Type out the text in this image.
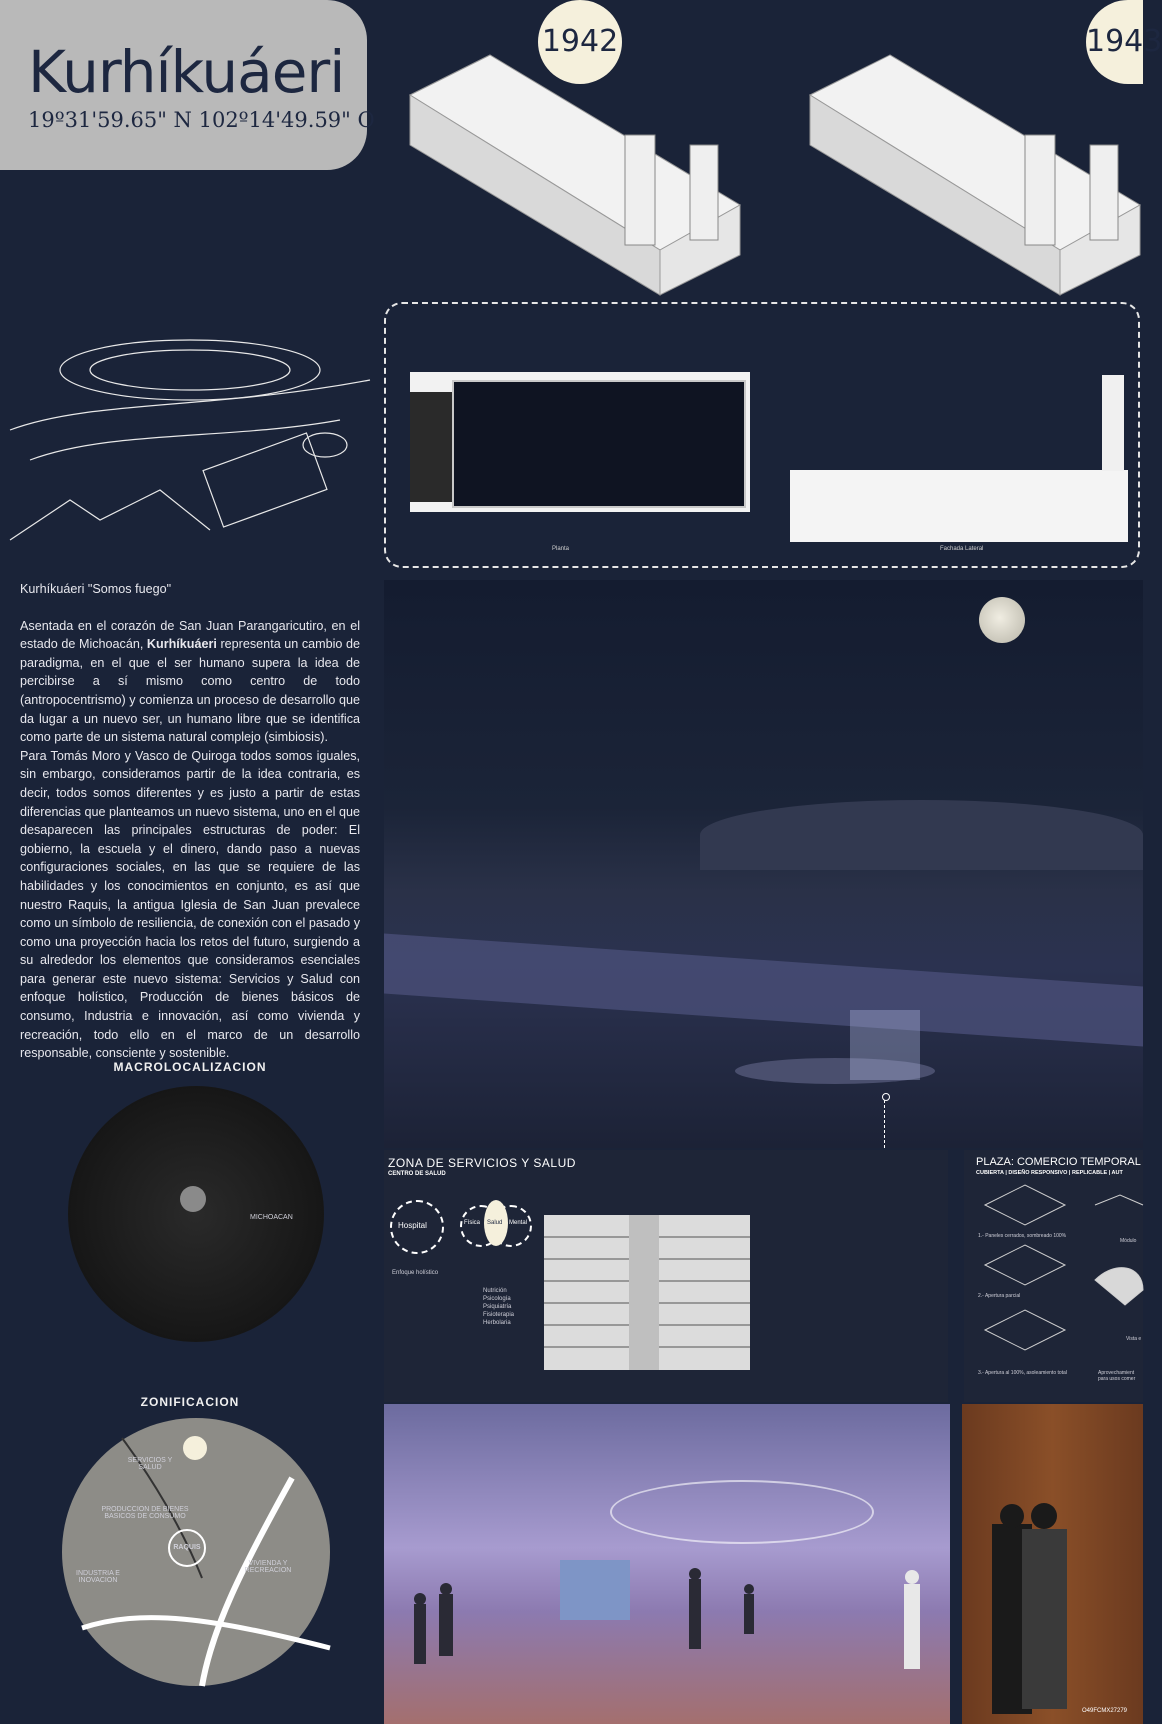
Kurhíkuáeri
19º31'59.65" N 102º14'49.59" O
1942	1943
Planta	Fachada Lateral

Kurhíkuáeri "Somos fuego"

Asentada en el corazón de San Juan Parangaricutiro, en el estado de Michoacán, Kurhíkuáeri representa un cambio de paradigma, en el que el ser humano supera la idea de percibirse a sí mismo como centro de todo (antropocentrismo) y comienza un proceso de desarrollo que da lugar a un nuevo ser, un humano libre que se identifica como parte de un sistema natural complejo (simbiosis).

Para Tomás Moro y Vasco de Quiroga todos somos iguales, sin embargo, consideramos partir de la idea contraria, es decir, todos somos diferentes y es justo a partir de estas diferencias que planteamos un nuevo sistema, uno en el que desaparecen las principales estructuras de poder: El gobierno, la escuela y el dinero, dando paso a nuevas configuraciones sociales, en las que se requiere de las habilidades y los conocimientos en conjunto, es así que nuestro Raquis, la antigua Iglesia de San Juan prevalece como un símbolo de resiliencia, de conexión con el pasado y como una proyección hacia los retos del futuro, surgiendo a su alrededor los elementos que consideramos esenciales para generar este nuevo sistema: Servicios y Salud con enfoque holístico, Producción de bienes básicos de consumo, Industria e innovación, así como vivienda y recreación, todo ello en el marco de un desarrollo responsable, consciente y sostenible.

MACROLOCALIZACION
MICHOACAN
ZONIFICACION
SERVICIOS Y SALUD
PRODUCCION DE BIENES BASICOS DE CONSUMO
RAQUIS
INDUSTRIA E INOVACION
VIVIENDA Y RECREACION
ZONA DE SERVICIOS Y SALUD
CENTRO DE SALUD
Hospital	Física Salud Mental
Enfoque holístico
Nutrición
Psicología
Psiquiatría
Fisioterapia
Herbolaria
PLAZA: COMERCIO TEMPORAL
CUBIERTA | DISEÑO RESPONSIVO | REPLICABLE | AUT
1.- Paneles cerrados, sombreado 100%
2.- Apertura parcial
3.- Apertura al 100%, asoleamiento total
Módulo
Vista e
Aprovechamient para usos comer
O49FCMX27279
